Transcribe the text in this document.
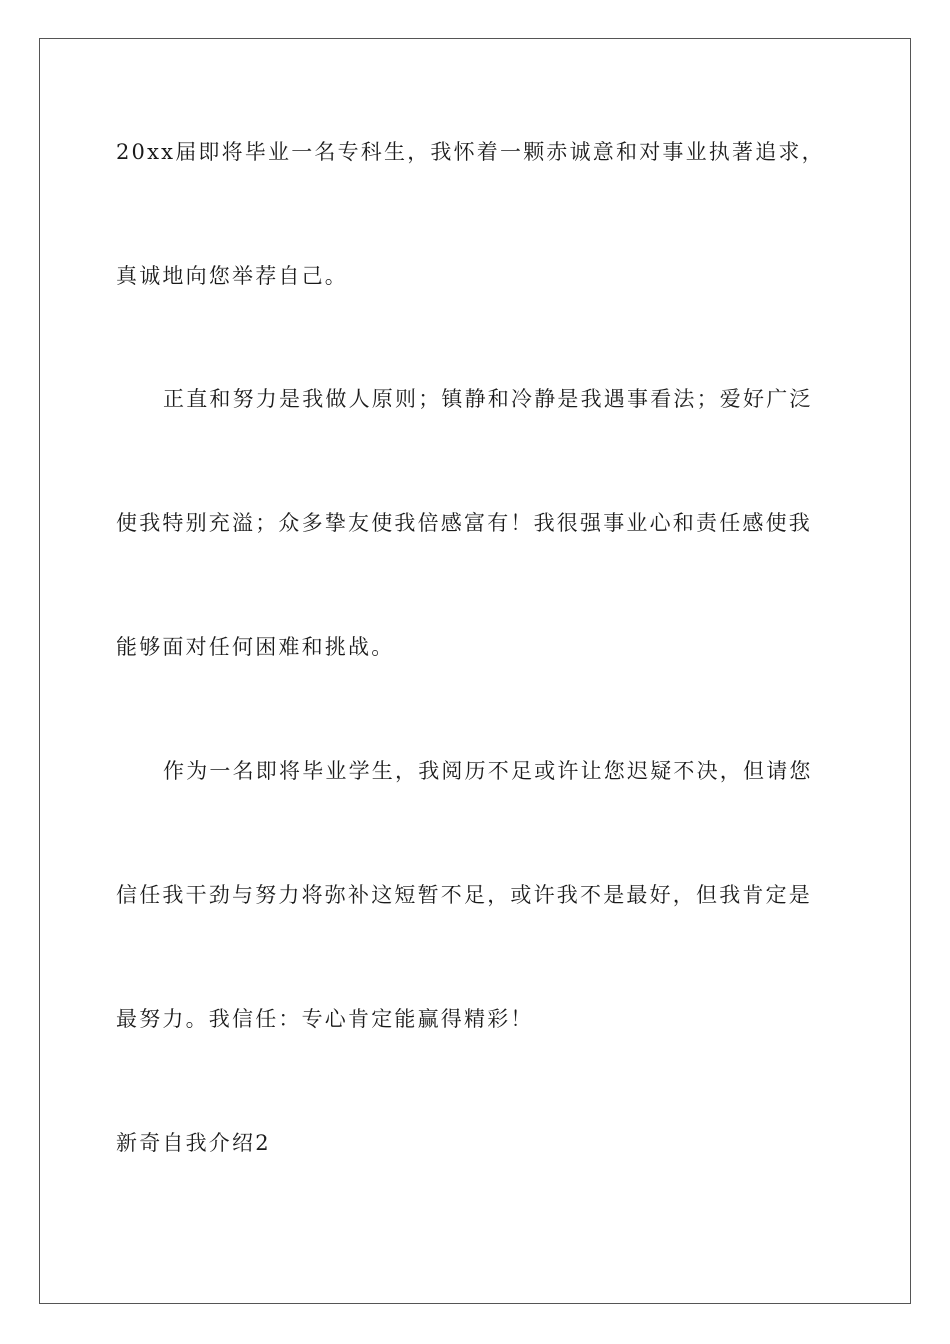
20xx届即将毕业一名专科生，我怀着一颗赤诚意和对事业执著追求，
真诚地向您举荐自己。
正直和努力是我做人原则；镇静和冷静是我遇事看法；爱好广泛
使我特别充溢；众多挚友使我倍感富有！我很强事业心和责任感使我
能够面对任何困难和挑战。
作为一名即将毕业学生，我阅历不足或许让您迟疑不决，但请您
信任我干劲与努力将弥补这短暂不足，或许我不是最好，但我肯定是
最努力。我信任：专心肯定能赢得精彩！
新奇自我介绍2
